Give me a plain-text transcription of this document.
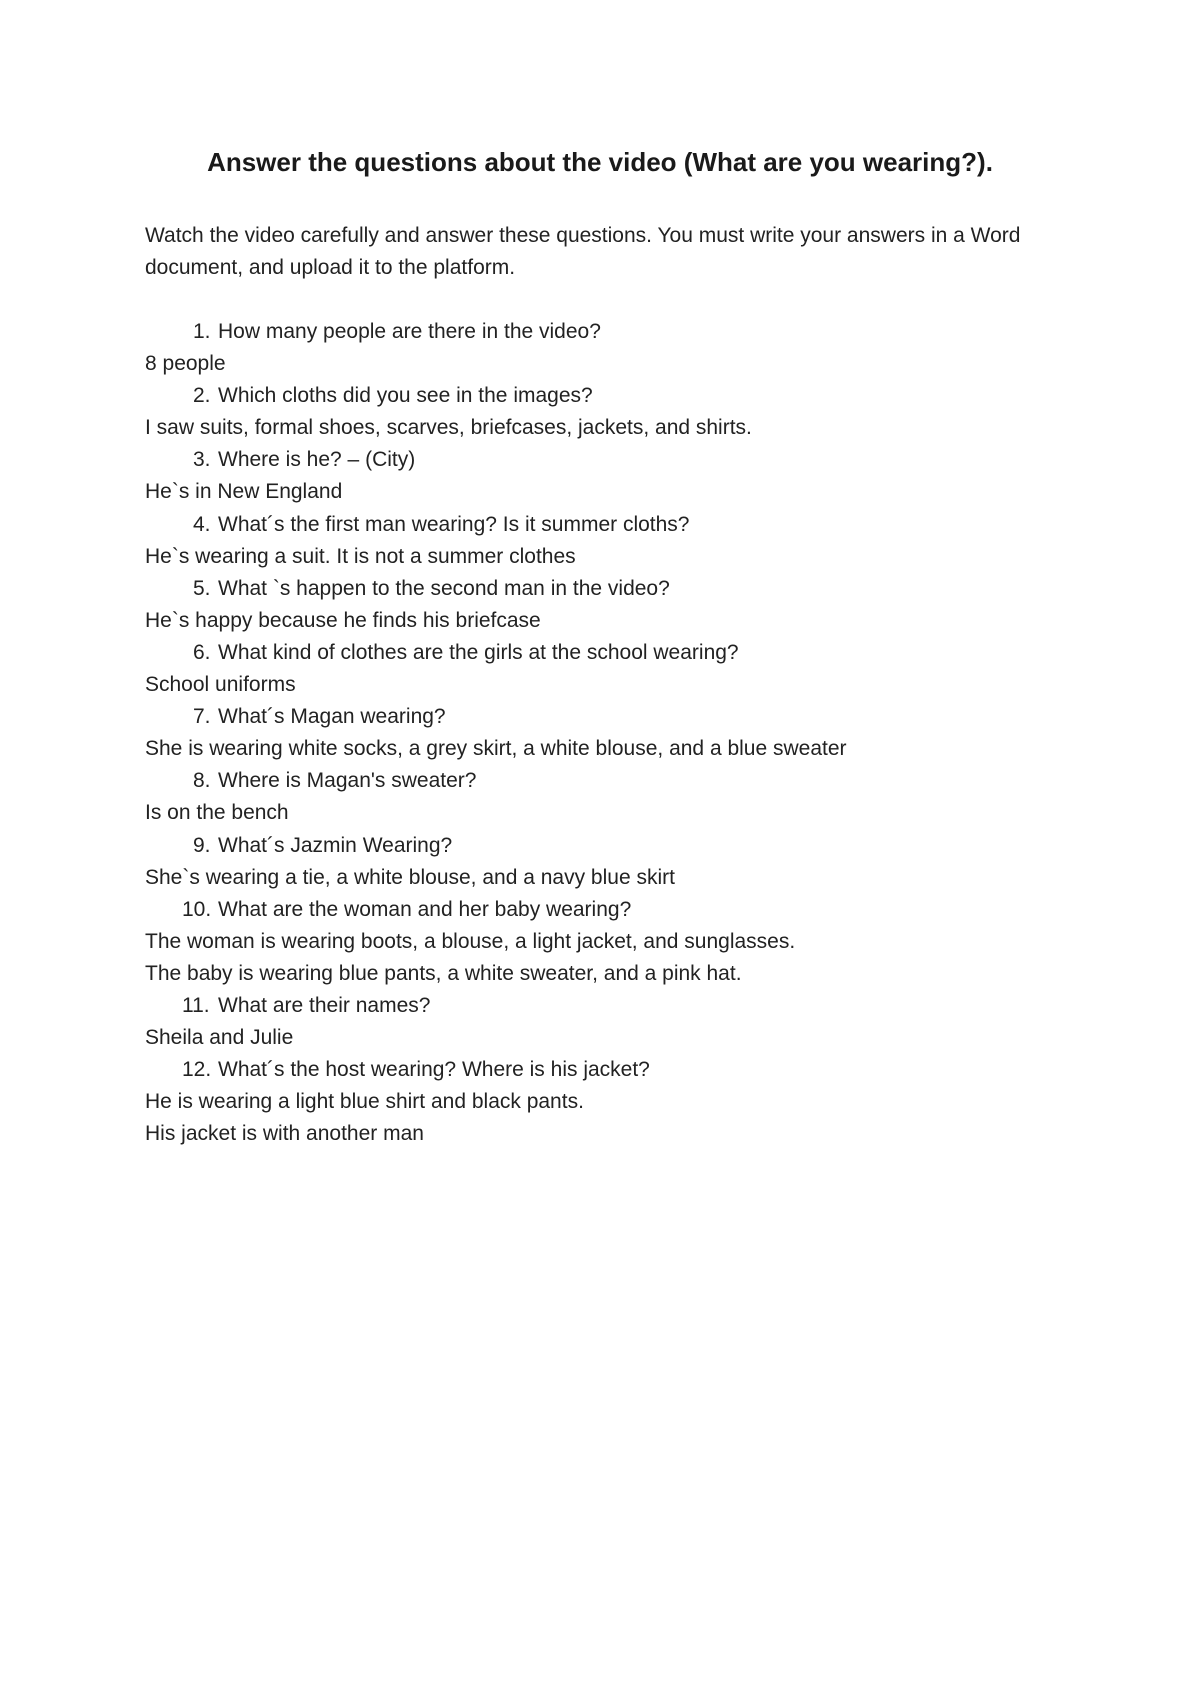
Answer the questions about the video (What are you wearing?).
Watch the video carefully and answer these questions. You must write your answers in a Word document, and upload it to the platform.
1. How many people are there in the video?
8 people
2. Which cloths did you see in the images?
I saw suits, formal shoes, scarves, briefcases, jackets, and shirts.
3. Where is he? – (City)
He`s in New England
4. What´s the first man wearing? Is it summer cloths?
He`s wearing a suit. It is not a summer clothes
5. What `s happen to the second man in the video?
He`s happy because he finds his briefcase
6. What kind of clothes are the girls at the school wearing?
School uniforms
7. What´s Magan wearing?
She is wearing white socks, a grey skirt, a white blouse, and a blue sweater
8. Where is Magan's sweater?
Is on the bench
9. What´s Jazmin Wearing?
She`s wearing a tie, a white blouse, and a navy blue skirt
10. What are the woman and her baby wearing?
The woman is wearing boots, a blouse, a light jacket, and sunglasses.
The baby is wearing blue pants, a white sweater, and a pink hat.
11. What are their names?
Sheila and Julie
12. What´s the host wearing? Where is his jacket?
He is wearing a light blue shirt and black pants.
His jacket is with another man
